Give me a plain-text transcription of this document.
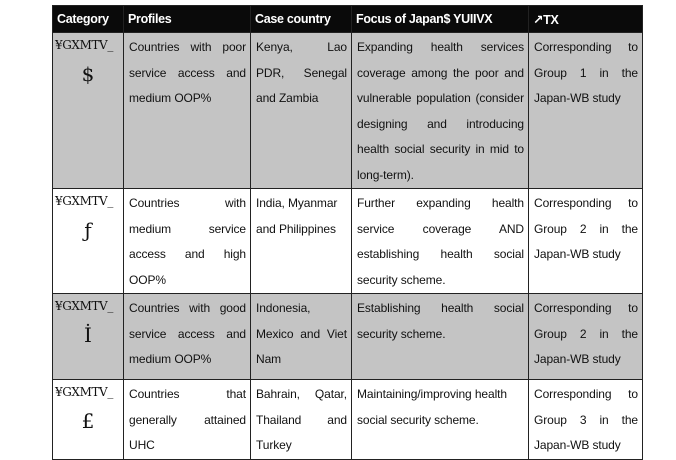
Category	Profiles	Case country	Focus of Japan$ YUIIVX	↗TX

¥GXMTV_
$	Countries with poor service access and medium OOP%	Kenya, Lao PDR, Senegal and Zambia	Expanding health services coverage among the poor and vulnerable population (consider designing and introducing health social security in mid to long-term).	Corresponding to Group 1 in the Japan-WB study

¥GXMTV_
ƒ	Countries with medium service access and high OOP%	India, Myanmar and Philippines	Further expanding health service coverage AND establishing health social security scheme.	Corresponding to Group 2 in the Japan-WB study

¥GXMTV_
İ	Countries with good service access and medium OOP%	Indonesia, Mexico and Viet Nam	Establishing health social security scheme.	Corresponding to Group 2 in the Japan-WB study

¥GXMTV_
£	Countries that generally attained UHC	Bahrain, Qatar, Thailand and Turkey	Maintaining/improving health social security scheme.	Corresponding to Group 3 in the Japan-WB study
